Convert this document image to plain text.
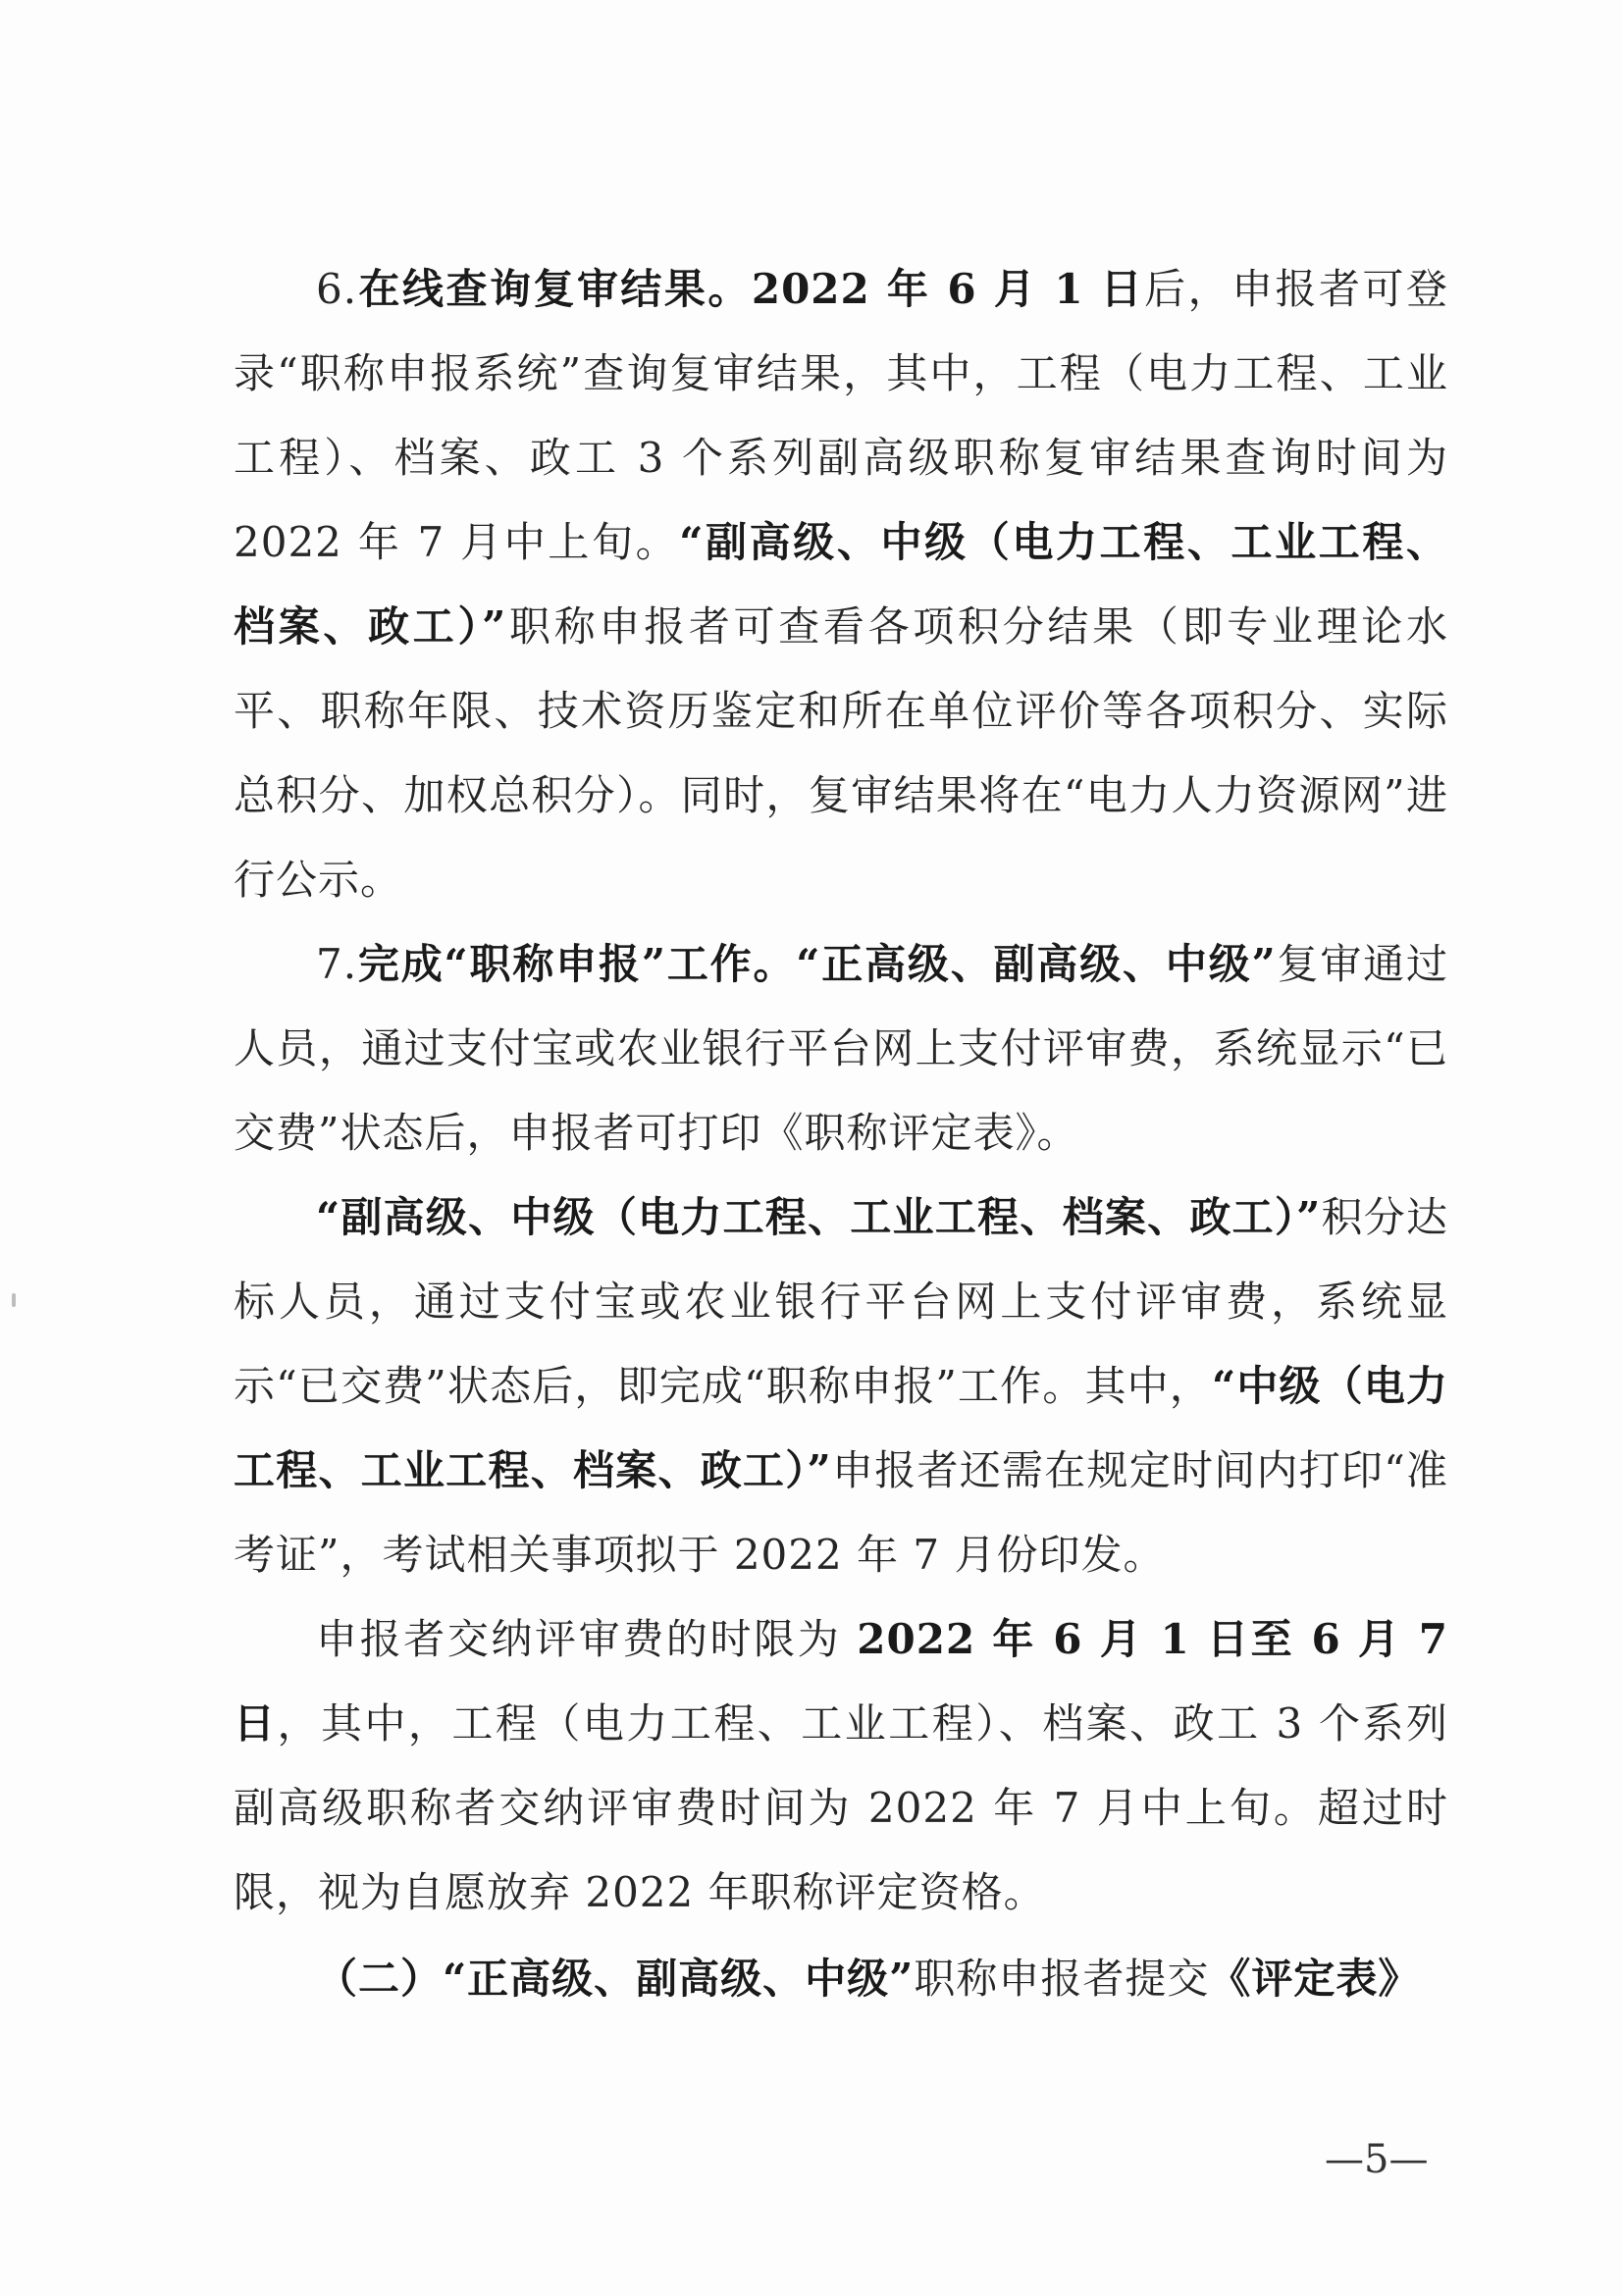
6.在线查询复审结果。2022 年 6 月 1 日后，申报者可登录“职称申报系统”查询复审结果，其中，工程（电力工程、工业工程）、档案、政工 3 个系列副高级职称复审结果查询时间为 2022 年 7 月中上旬。“副高级、中级（电力工程、工业工程、档案、政工）”职称申报者可查看各项积分结果（即专业理论水平、职称年限、技术资历鉴定和所在单位评价等各项积分、实际总积分、加权总积分）。同时，复审结果将在“电力人力资源网”进行公示。

7.完成“职称申报”工作。“正高级、副高级、中级”复审通过人员，通过支付宝或农业银行平台网上支付评审费，系统显示“已交费”状态后，申报者可打印《职称评定表》。

“副高级、中级（电力工程、工业工程、档案、政工）”积分达标人员，通过支付宝或农业银行平台网上支付评审费，系统显示“已交费”状态后，即完成“职称申报”工作。其中，“中级（电力工程、工业工程、档案、政工）”申报者还需在规定时间内打印“准考证”，考试相关事项拟于 2022 年 7 月份印发。

申报者交纳评审费的时限为 2022 年 6 月 1 日至 6 月 7 日，其中，工程（电力工程、工业工程）、档案、政工 3 个系列副高级职称者交纳评审费时间为 2022 年 7 月中上旬。超过时限，视为自愿放弃 2022 年职称评定资格。

（二）“正高级、副高级、中级”职称申报者提交《评定表》

—5—
